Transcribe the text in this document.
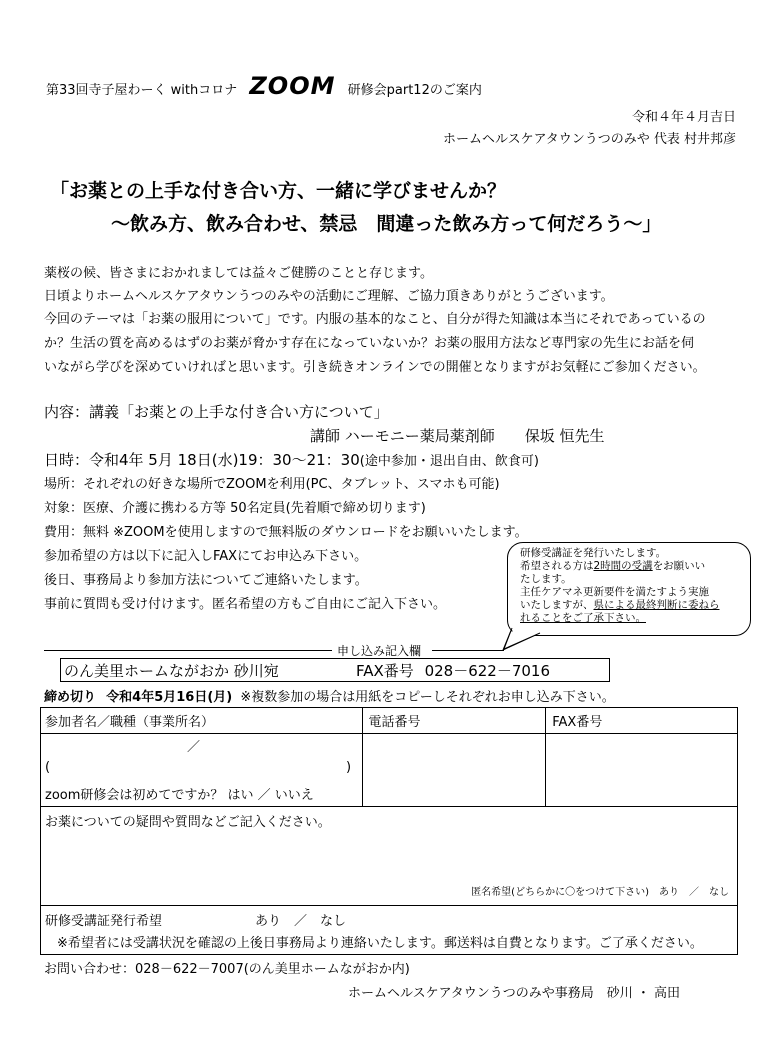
第33回寺子屋わーく withコロナ ZOOM 研修会part12のご案内
令和４年４月吉日
ホームヘルスケアタウンうつのみや 代表 村井邦彦
「お薬との上手な付き合い方、一緒に学びませんか？
～飲み方、飲み合わせ、禁忌　間違った飲み方って何だろう～」
薬桜の候、皆さまにおかれましては益々ご健勝のことと存じます。
日頃よりホームヘルスケアタウンうつのみやの活動にご理解、ご協力頂きありがとうございます。
今回のテーマは「お薬の服用について」です。内服の基本的なこと、自分が得た知識は本当にそれであっているの
か？生活の質を高めるはずのお薬が脅かす存在になっていないか？お薬の服用方法など専門家の先生にお話を伺
いながら学びを深めていければと思います。引き続きオンラインでの開催となりますがお気軽にご参加ください。
内容：講義「お薬との上手な付き合い方について」
講師 ハーモニー薬局薬剤師　　保坂 恒先生
日時：令和4年 5月 18日(水)19：30～21：30(途中参加・退出自由、飲食可)
場所：それぞれの好きな場所でZOOMを利用(PC、タブレット、スマホも可能)
対象：医療、介護に携わる方等 50名定員(先着順で締め切ります)
費用：無料 ※ZOOMを使用しますので無料版のダウンロードをお願いいたします。
参加希望の方は以下に記入しFAXにてお申込み下さい。
後日、事務局より参加方法についてご連絡いたします。
事前に質問も受け付けます。匿名希望の方もご自由にご記入下さい。
研修受講証を発行いたします。
希望される方は2時間の受講をお願いい
たします。
主任ケアマネ更新要件を満たすよう実施
いたしますが、県による最終判断に委ねら
れることをご了承下さい。
申し込み記入欄
のん美里ホームながおか 砂川宛	FAX番号 028－622－7016
締め切り 令和4年5月16日(月) ※複数参加の場合は用紙をコピーしそれぞれお申し込み下さい。
参加者名／職種（事業所名）	電話番号	FAX番号

／
( )
zoom研修会は初めてですか？ はい ／ いいえ		

お薬についての疑問や質問などご記入ください。
匿名希望(どちらかに〇をつけて下さい)　あり　／　なし		

研修受講証発行希望 あり　／　なし
※希望者には受講状況を確認の上後日事務局より連絡いたします。郵送料は自費となります。ご了承ください。		
お問い合わせ：028－622－7007(のん美里ホームながおか内)
ホームヘルスケアタウンうつのみや事務局　砂川 ・ 高田
